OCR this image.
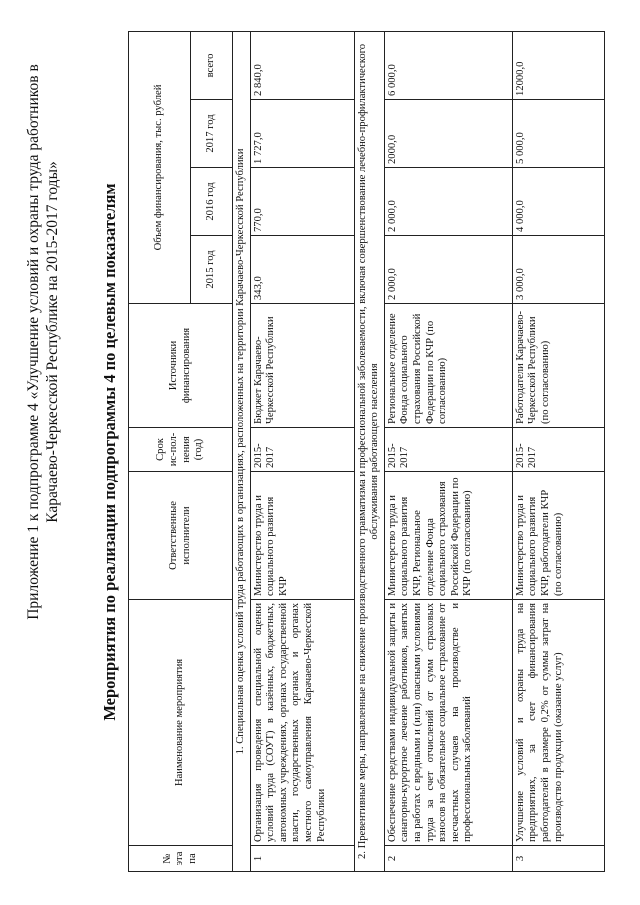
Приложение 1 к подпрограмме 4 «Улучшение условий и охраны труда работников в Карачаево-Черкесской Республике на 2015-2017 годы» Мероприятия по реализации подпрограммы 4 по целевым показателям
№ эта па	Наименование мероприятия	Ответственные исполнители	Срок ис-пол-нения (год)	Источники финансирования	Объем финансирования, тыс. рублей			
					2015 год	2016 год	2017 год	всего
1. Специальная оценка условий труда работающих в организациях, расположенных на территории Карачаево-Черкесской Республики								
1	Организация проведения специальной оценки условий труда (СОУТ) в казённых, бюджетных, автономных учреждениях, органах государственной власти, государственных органах и органах местного самоуправления Карачаево-Черкесской Республики	Министерство труда и социального развития КЧР	2015-2017	Бюджет Карачаево-Черкесской Республики	343,0	770,0	1 727,0	2 840,0
2. Превентивные меры, направленные на снижение производственного травматизма и профессиональной заболеваемости, включая совершенствование лечебно-профилактического обслуживания работающего населения								
2	Обеспечение средствами индивидуальной защиты и санаторно-курортное лечение работников, занятых на работах с вредными и (или) опасными условиями труда за счет отчислений от сумм страховых взносов на обязательное социальное страхование от несчастных случаев на производстве и профессиональных заболеваний	Министерство труда и социального развития КЧР, Региональное отделение Фонда социального страхования Российской Федерации по КЧР (по согласованию)	2015-2017	Региональное отделение Фонда социального страхования Российской Федерации по КЧР (по согласованию)	2 000,0	2 000,0	2000,0	6 000,0
3	Улучшение условий и охраны труда на предприятиях, за счет финансирования работодателей в размере 0,2% от суммы затрат на производство продукции (оказание услуг)	Министерство труда и социального развития КЧР, работодатели КЧР (по согласованию)	2015-2017	Работодатели Карачаево-Черкесской Республики (по согласованию)	3 000,0	4 000,0	5 000,0	12000,0
